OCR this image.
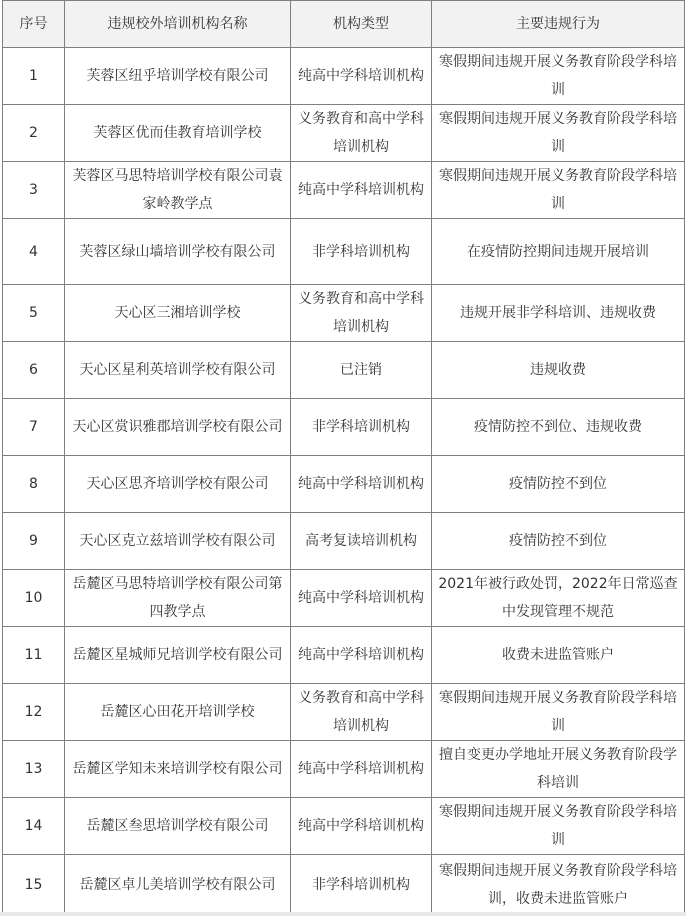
序号	违规校外培训机构名称	机构类型	主要违规行为
1	芙蓉区纽乎培训学校有限公司	纯高中学科培训机构	寒假期间违规开展义务教育阶段学科培训
2	芙蓉区优而佳教育培训学校	义务教育和高中学科培训机构	寒假期间违规开展义务教育阶段学科培训
3	芙蓉区马思特培训学校有限公司袁家岭教学点	纯高中学科培训机构	寒假期间违规开展义务教育阶段学科培训
4	芙蓉区绿山墙培训学校有限公司	非学科培训机构	在疫情防控期间违规开展培训
5	天心区三湘培训学校	义务教育和高中学科培训机构	违规开展非学科培训、违规收费
6	天心区星利英培训学校有限公司	已注销	违规收费
7	天心区赏识雅郡培训学校有限公司	非学科培训机构	疫情防控不到位、违规收费
8	天心区思齐培训学校有限公司	纯高中学科培训机构	疫情防控不到位
9	天心区克立兹培训学校有限公司	高考复读培训机构	疫情防控不到位
10	岳麓区马思特培训学校有限公司第四教学点	纯高中学科培训机构	2021年被行政处罚，2022年日常巡查中发现管理不规范
11	岳麓区星城师兄培训学校有限公司	纯高中学科培训机构	收费未进监管账户
12	岳麓区心田花开培训学校	义务教育和高中学科培训机构	寒假期间违规开展义务教育阶段学科培训
13	岳麓区学知未来培训学校有限公司	纯高中学科培训机构	擅自变更办学地址开展义务教育阶段学科培训
14	岳麓区叁思培训学校有限公司	纯高中学科培训机构	寒假期间违规开展义务教育阶段学科培训
15	岳麓区卓儿美培训学校有限公司	非学科培训机构	寒假期间违规开展义务教育阶段学科培训，收费未进监管账户
